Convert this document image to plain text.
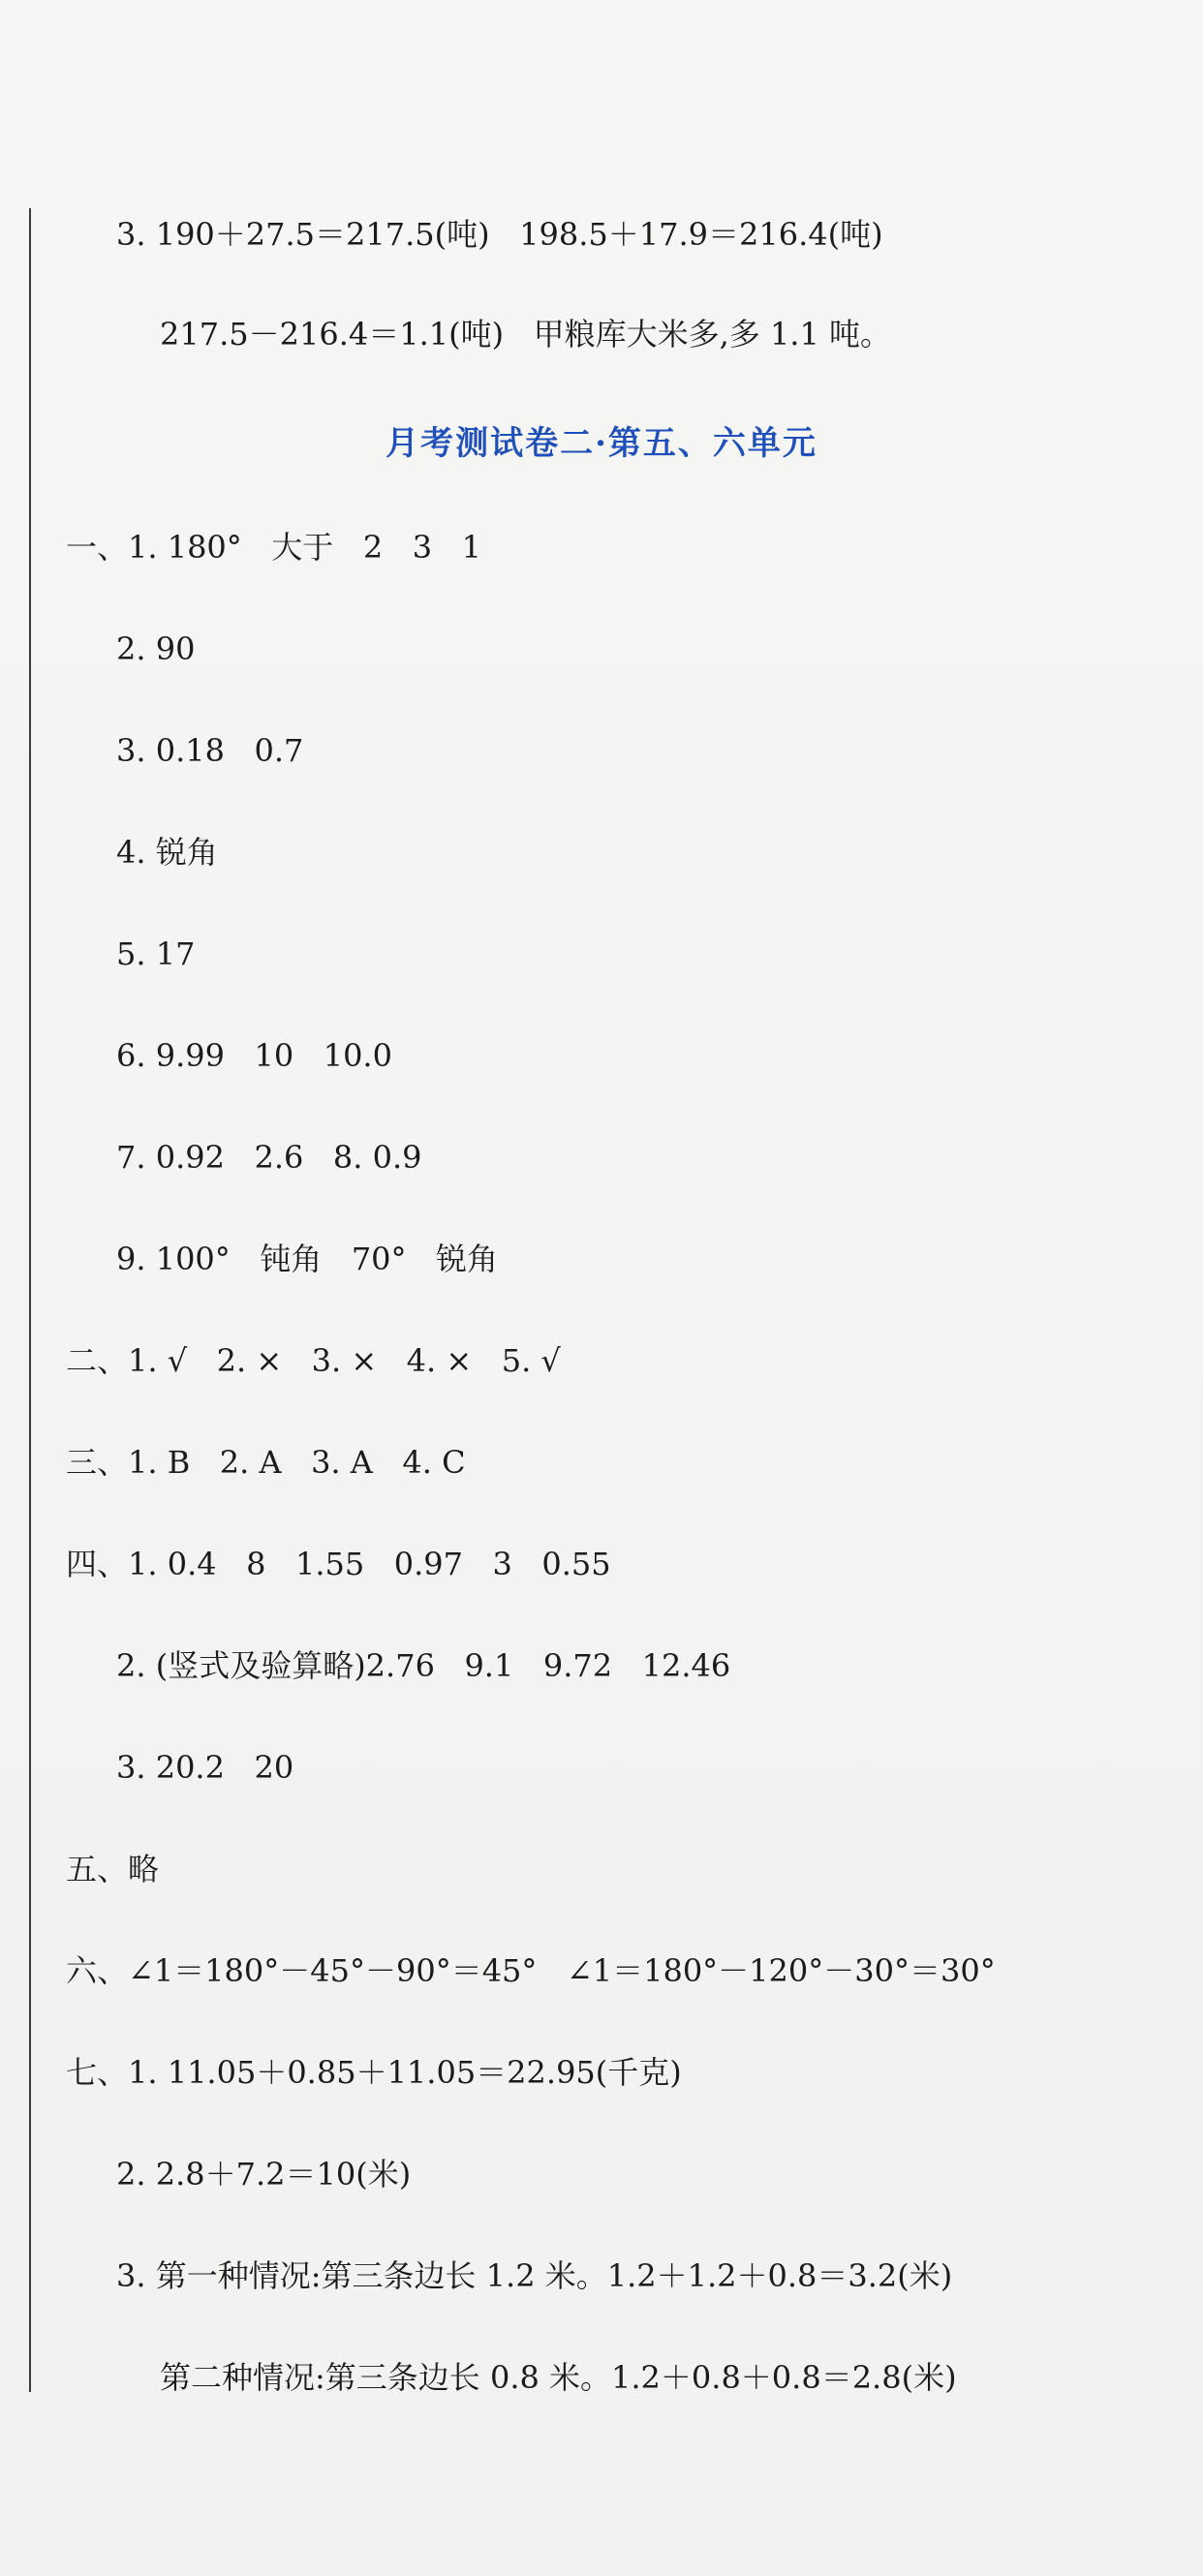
3. 190＋27.5＝217.5(吨)   198.5＋17.9＝216.4(吨)
217.5－216.4＝1.1(吨)   甲粮库大米多,多 1.1 吨。
月考测试卷二·第五、六单元
一、1. 180°   大于   2   3   1
2. 90
3. 0.18   0.7
4. 锐角
5. 17
6. 9.99   10   10.0
7. 0.92   2.6   8. 0.9
9. 100°   钝角   70°   锐角
二、1. √   2. ×   3. ×   4. ×   5. √
三、1. B   2. A   3. A   4. C
四、1. 0.4   8   1.55   0.97   3   0.55
2. (竖式及验算略)2.76   9.1   9.72   12.46
3. 20.2   20
五、略
六、∠1＝180°－45°－90°＝45°   ∠1＝180°－120°－30°＝30°
七、1. 11.05＋0.85＋11.05＝22.95(千克)
2. 2.8＋7.2＝10(米)
3. 第一种情况:第三条边长 1.2 米。1.2＋1.2＋0.8＝3.2(米)
第二种情况:第三条边长 0.8 米。1.2＋0.8＋0.8＝2.8(米)
